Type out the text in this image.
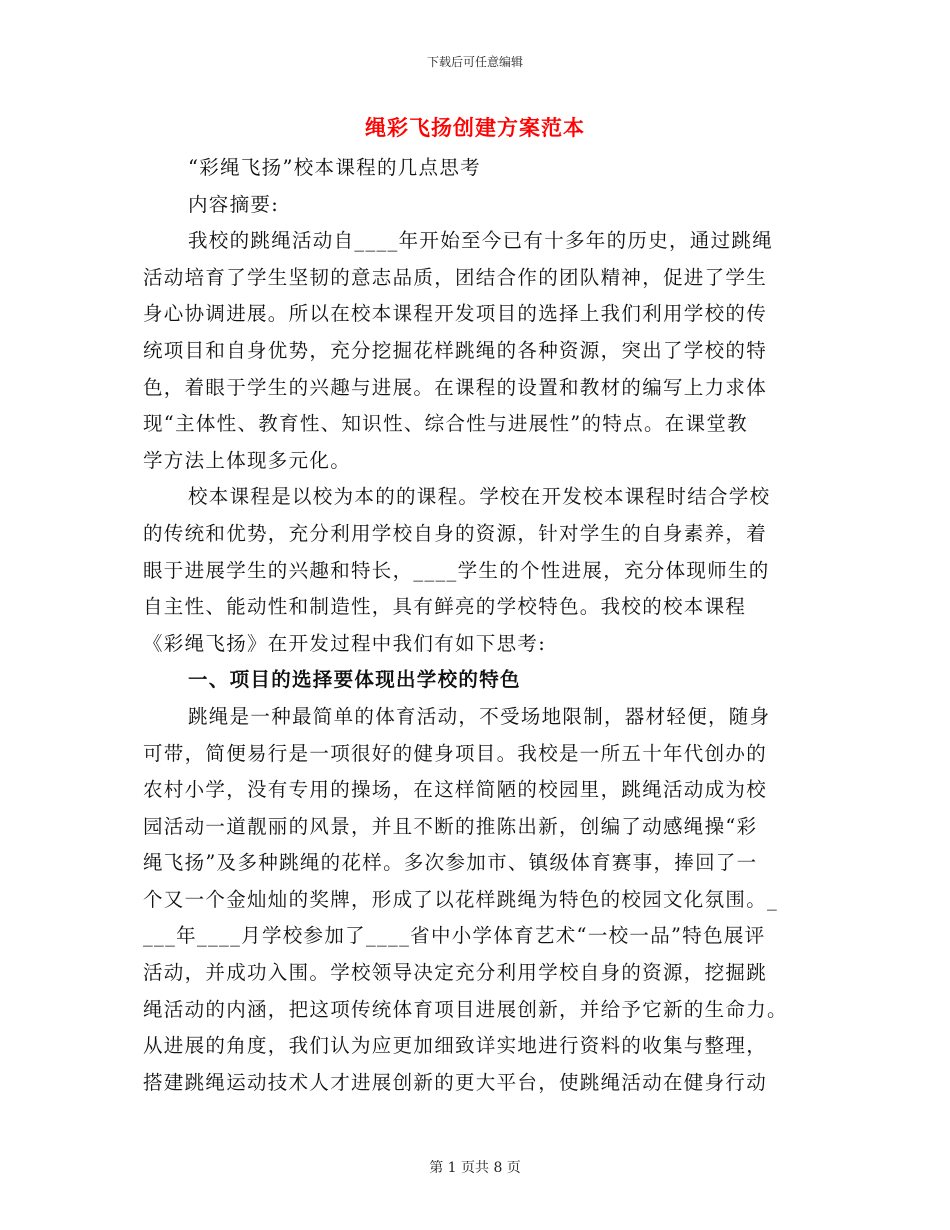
下载后可任意编辑
绳彩飞扬创建方案范本
“彩绳飞扬”校本课程的几点思考
内容摘要:
我校的跳绳活动自____年开始至今已有十多年的历史，通过跳绳
活动培育了学生坚韧的意志品质，团结合作的团队精神，促进了学生
身心协调进展。所以在校本课程开发项目的选择上我们利用学校的传
统项目和自身优势，充分挖掘花样跳绳的各种资源，突出了学校的特
色，着眼于学生的兴趣与进展。在课程的设置和教材的编写上力求体
现“主体性、教育性、知识性、综合性与进展性”的特点。在课堂教
学方法上体现多元化。
校本课程是以校为本的的课程。学校在开发校本课程时结合学校
的传统和优势，充分利用学校自身的资源，针对学生的自身素养，着
眼于进展学生的兴趣和特长，____学生的个性进展，充分体现师生的
自主性、能动性和制造性，具有鲜亮的学校特色。我校的校本课程
《彩绳飞扬》在开发过程中我们有如下思考:
一、项目的选择要体现出学校的特色
跳绳是一种最简单的体育活动，不受场地限制，器材轻便，随身
可带，简便易行是一项很好的健身项目。我校是一所五十年代创办的
农村小学，没有专用的操场，在这样简陋的校园里，跳绳活动成为校
园活动一道靓丽的风景，并且不断的推陈出新，创编了动感绳操“彩
绳飞扬”及多种跳绳的花样。多次参加市、镇级体育赛事，捧回了一
个又一个金灿灿的奖牌，形成了以花样跳绳为特色的校园文化氛围。_
___年____月学校参加了____省中小学体育艺术“一校一品”特色展评
活动，并成功入围。学校领导决定充分利用学校自身的资源，挖掘跳
绳活动的内涵，把这项传统体育项目进展创新，并给予它新的生命力。
从进展的角度，我们认为应更加细致详实地进行资料的收集与整理，
搭建跳绳运动技术人才进展创新的更大平台，使跳绳活动在健身行动
第 1 页共 8 页
